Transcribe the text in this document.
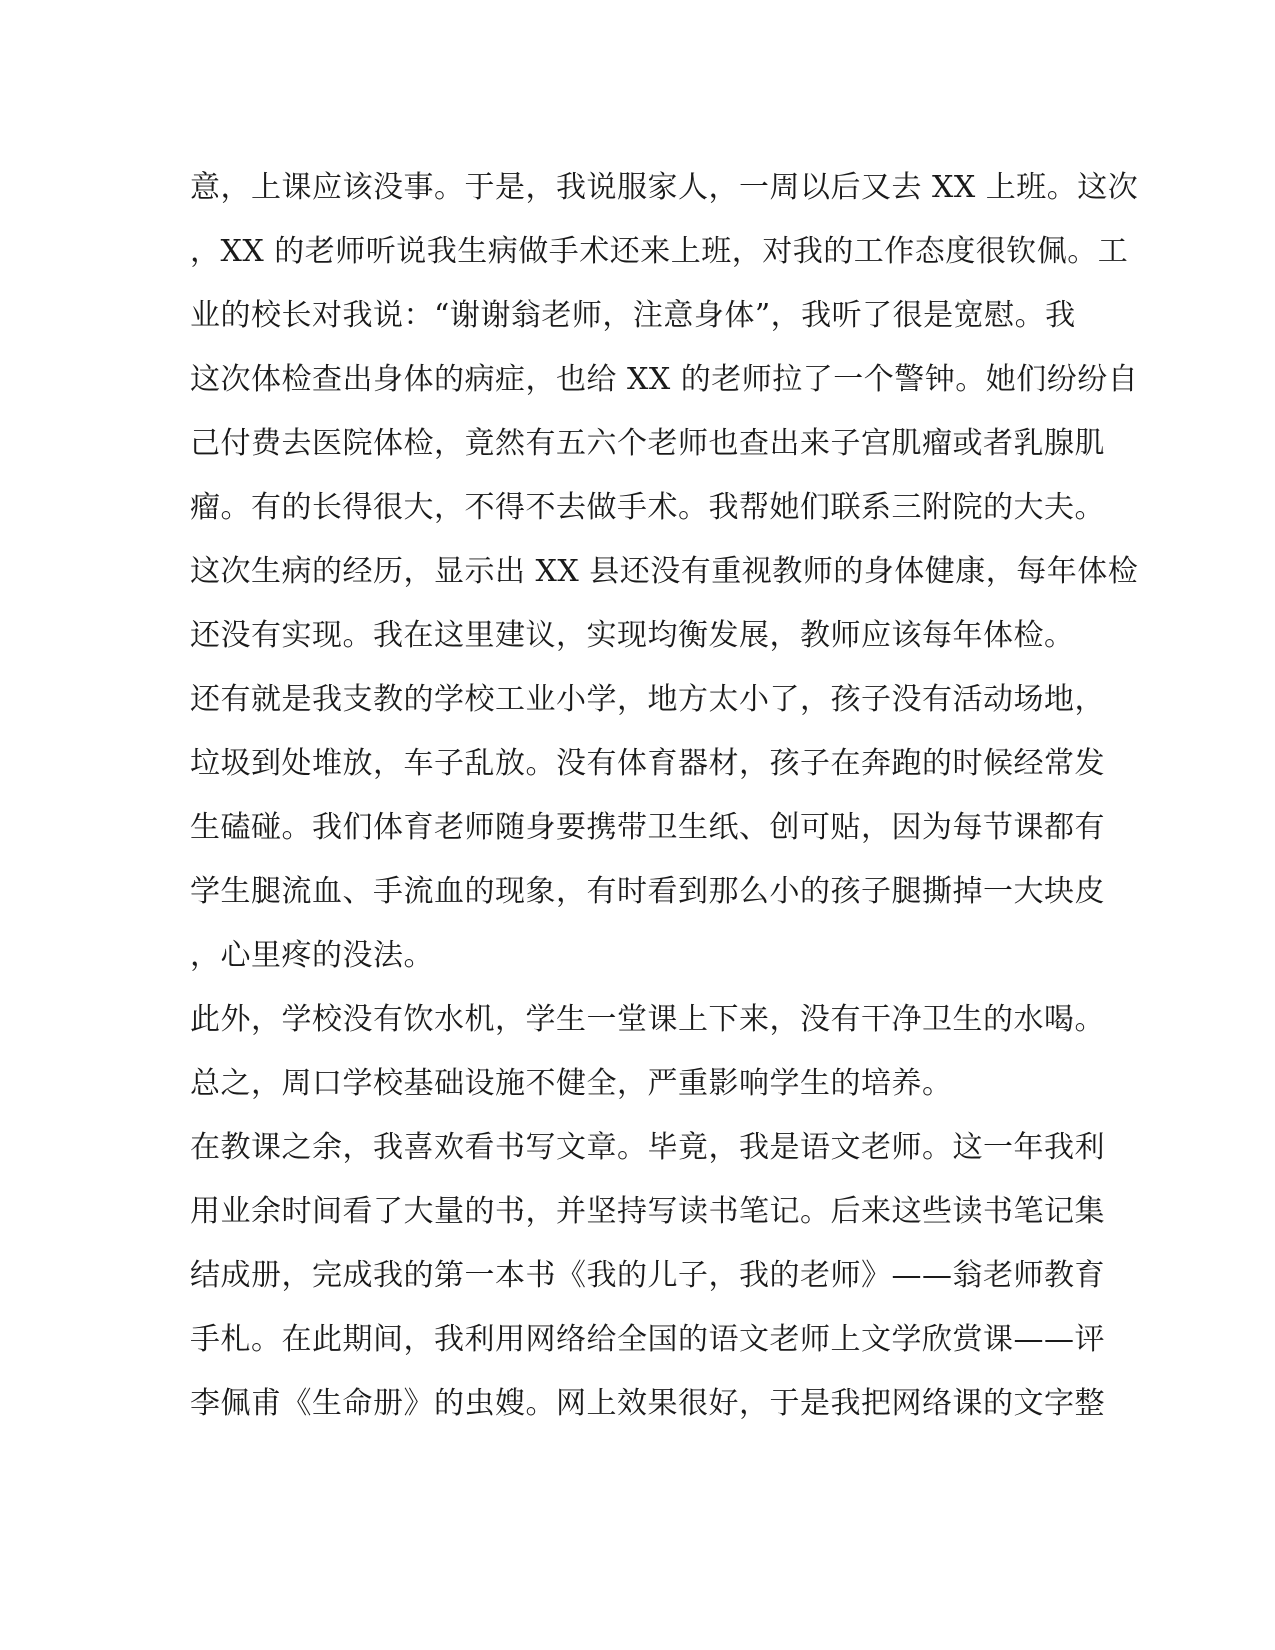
意，上课应该没事。于是，我说服家人，一周以后又去 XX 上班。这次
，XX 的老师听说我生病做手术还来上班，对我的工作态度很钦佩。工
业的校长对我说：“谢谢翁老师，注意身体”，我听了很是宽慰。我
这次体检查出身体的病症，也给 XX 的老师拉了一个警钟。她们纷纷自
己付费去医院体检，竟然有五六个老师也查出来子宫肌瘤或者乳腺肌
瘤。有的长得很大，不得不去做手术。我帮她们联系三附院的大夫。
这次生病的经历，显示出 XX 县还没有重视教师的身体健康，每年体检
还没有实现。我在这里建议，实现均衡发展，教师应该每年体检。
还有就是我支教的学校工业小学，地方太小了，孩子没有活动场地，
垃圾到处堆放，车子乱放。没有体育器材，孩子在奔跑的时候经常发
生磕碰。我们体育老师随身要携带卫生纸、创可贴，因为每节课都有
学生腿流血、手流血的现象，有时看到那么小的孩子腿撕掉一大块皮
，心里疼的没法。
此外，学校没有饮水机，学生一堂课上下来，没有干净卫生的水喝。
总之，周口学校基础设施不健全，严重影响学生的培养。
在教课之余，我喜欢看书写文章。毕竟，我是语文老师。这一年我利
用业余时间看了大量的书，并坚持写读书笔记。后来这些读书笔记集
结成册，完成我的第一本书《我的儿子，我的老师》——翁老师教育
手札。在此期间，我利用网络给全国的语文老师上文学欣赏课——评
李佩甫《生命册》的虫嫂。网上效果很好，于是我把网络课的文字整
